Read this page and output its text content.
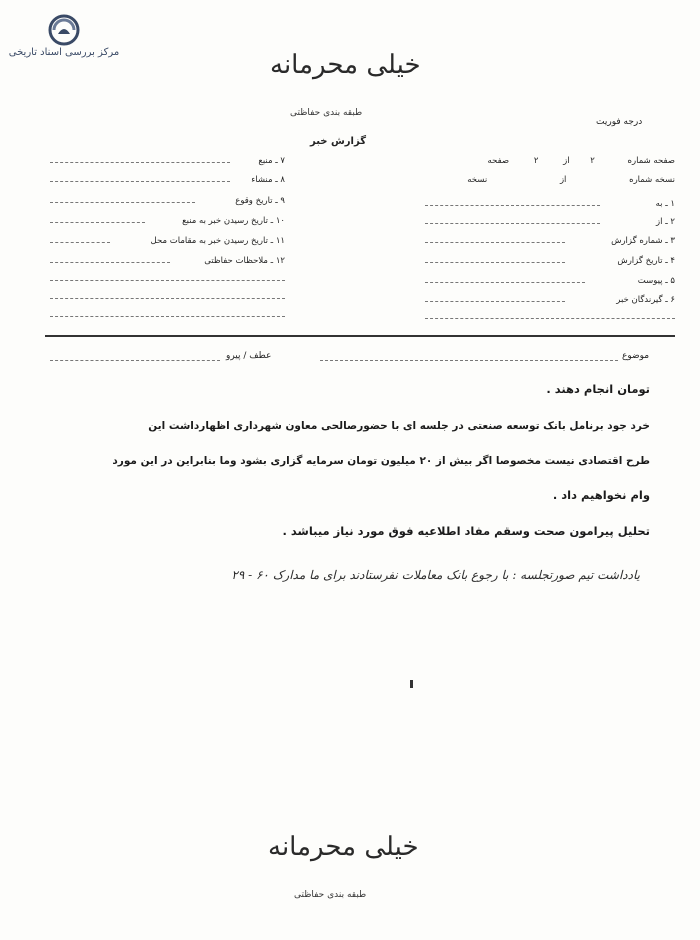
مرکز بررسی اسناد تاریخی	خیلی محرمانه
طبقه بندی حفاظتی
گزارش خبر
درجه فوریت
صفحه شماره ۲ از ۲ صفحه
نسخه شماره از نسخه
۱ ـ به
۲ ـ از
۳ ـ شماره گزارش
۴ ـ تاریخ گزارش
۵ ـ پیوست
۶ ـ گیرندگان خبر
۷ ـ منبع
۸ ـ منشاء
۹ ـ تاریخ وقوع
۱۰ ـ تاریخ رسیدن خبر به منبع
۱۱ ـ تاریخ رسیدن خبر به مقامات محل
۱۲ ـ ملاحظات حفاظتی
موضوع
عطف / پیرو
تومان انجام دهند .
خرد جود برنامل بانک توسعه صنعتی در جلسه ای با حضورصالحی معاون شهرداری اظهارداشت این
طرح اقتصادی نیست مخصوصا اگر بیش از ۲۰ میلیون تومان سرمایه گزاری بشود وما بنابراین در این مورد
وام نخواهیم داد .
تحلیل پیرامون صحت وسقم مفاد اطلاعیه فوق مورد نیاز میباشد .
یادداشت تیم صورتجلسه : با رجوع بانک معاملات نفرستادند برای ما مدارک ۶۰ - ۲۹
خیلی محرمانه
طبقه بندی حفاظتی
